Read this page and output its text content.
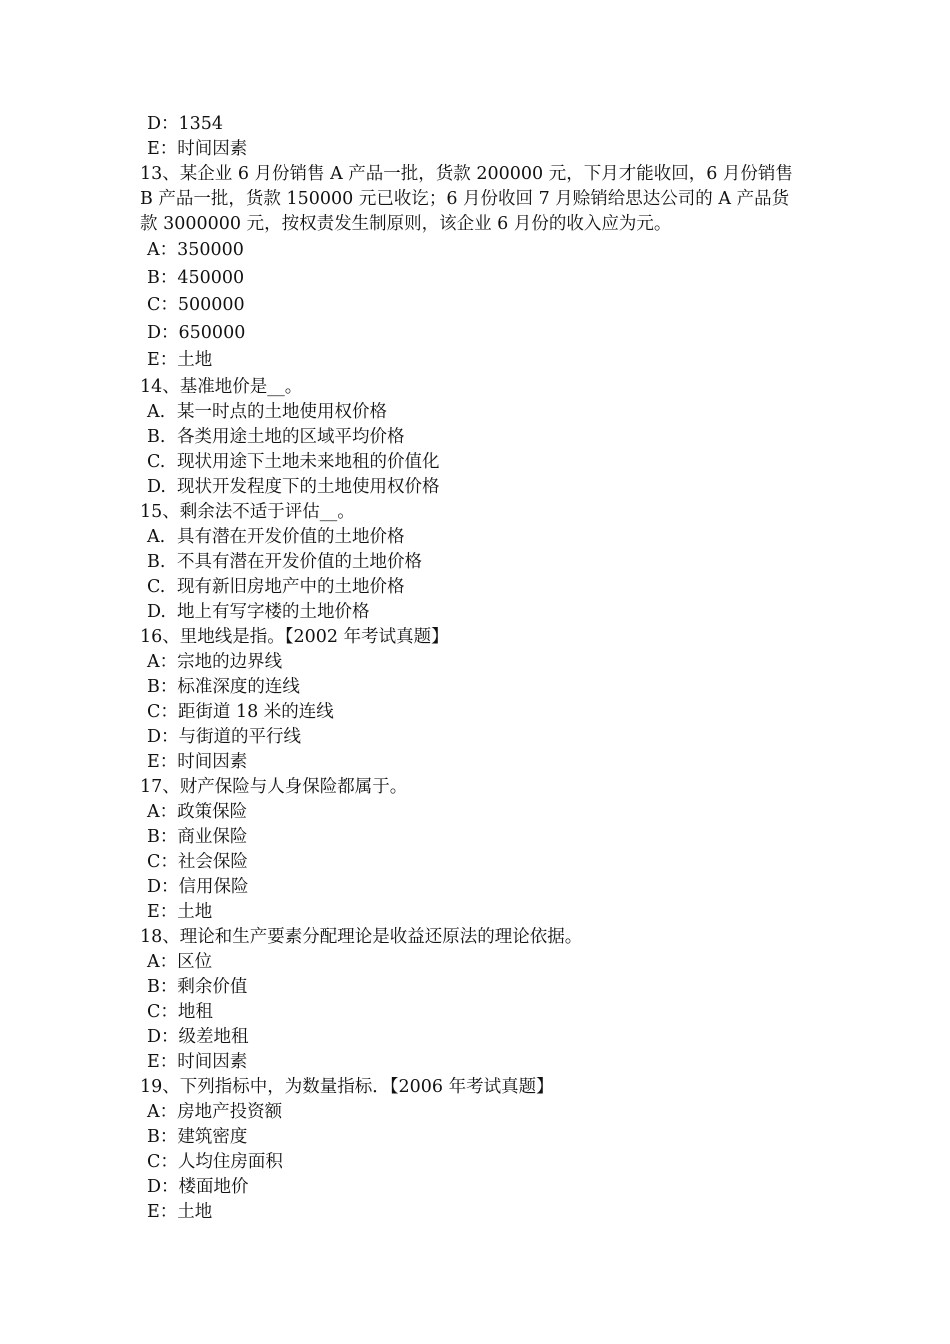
D：1354
E：时间因素
13、某企业 6 月份销售 A 产品一批，货款 200000 元，下月才能收回，6 月份销售
B 产品一批，货款 150000 元已收讫；6 月份收回 7 月赊销给思达公司的 A 产品货
款 3000000 元，按权责发生制原则，该企业 6 月份的收入应为元。
A：350000
B：450000
C：500000
D：650000
E：土地
14、基准地价是__。
A. 某一时点的土地使用权价格
B. 各类用途土地的区域平均价格
C. 现状用途下土地未来地租的价值化
D. 现状开发程度下的土地使用权价格
15、剩余法不适于评估__。
A. 具有潜在开发价值的土地价格
B. 不具有潜在开发价值的土地价格
C. 现有新旧房地产中的土地价格
D. 地上有写字楼的土地价格
16、里地线是指。【2002 年考试真题】
A：宗地的边界线
B：标准深度的连线
C：距街道 18 米的连线
D：与街道的平行线
E：时间因素
17、财产保险与人身保险都属于。
A：政策保险
B：商业保险
C：社会保险
D：信用保险
E：土地
18、理论和生产要素分配理论是收益还原法的理论依据。
A：区位
B：剩余价值
C：地租
D：级差地租
E：时间因素
19、下列指标中，为数量指标．【2006 年考试真题】
A：房地产投资额
B：建筑密度
C：人均住房面积
D：楼面地价
E：土地
